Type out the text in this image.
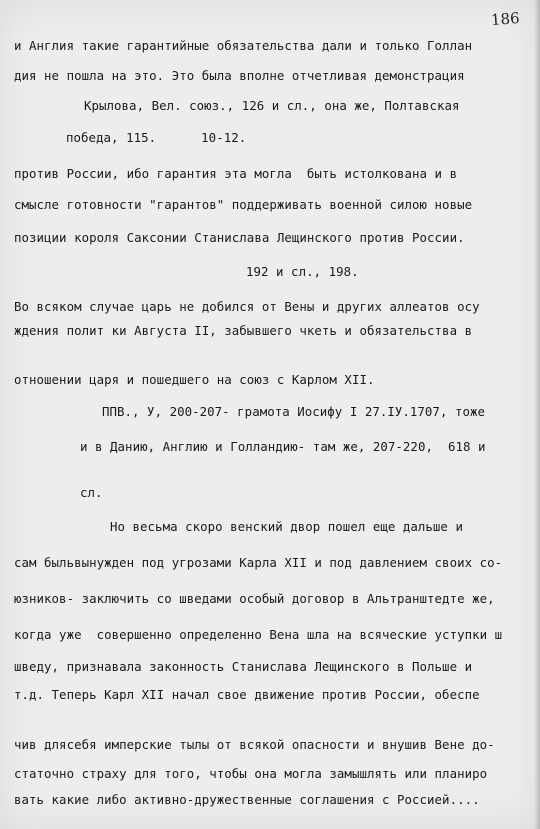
186
и Англия такие гарантийные обязательства дали и только Голлан
дия не пошла на это. Это была вполне отчетливая демонстрация
Крылова, Вел. союз., 126 и сл., она же, Полтавская
победа, 115.      10-12.
против России, ибо гарантия эта могла  быть истолкована и в
смысле готовности "гарантов" поддерживать военной силою новые
позиции короля Саксонии Станислава Лещинского против России.
192 и сл., 198.
Во всяком случае царь не добился от Вены и других аллеатов осу
ждения полит ки Августа II, забывшего чкеть и обязательства в
отношении царя и пошедшего на союз с Карлом XII.
ППВ., У, 200-207- грамота Иосифу I 27.IУ.1707, тоже
и в Данию, Англию и Голландию- там же, 207-220,  618 и
сл.
Но весьма скоро венский двор пошел еще дальше и
сам быльвынужден под угрозами Карла XII и под давлением своих со-
юзников- заключить со шведами особый договор в Альтранштедте же,
когда уже  совершенно определенно Вена шла на всяческие уступки ш
шведу, признавала законность Станислава Лещинского в Польше и
т.д. Теперь Карл XII начал свое движение против России, обеспе
чив длясебя имперские тылы от всякой опасности и внушив Вене до-
статочно страху для того, чтобы она могла замышлять или планиро
вать какие либо активно-дружественные соглашения с Россией....
